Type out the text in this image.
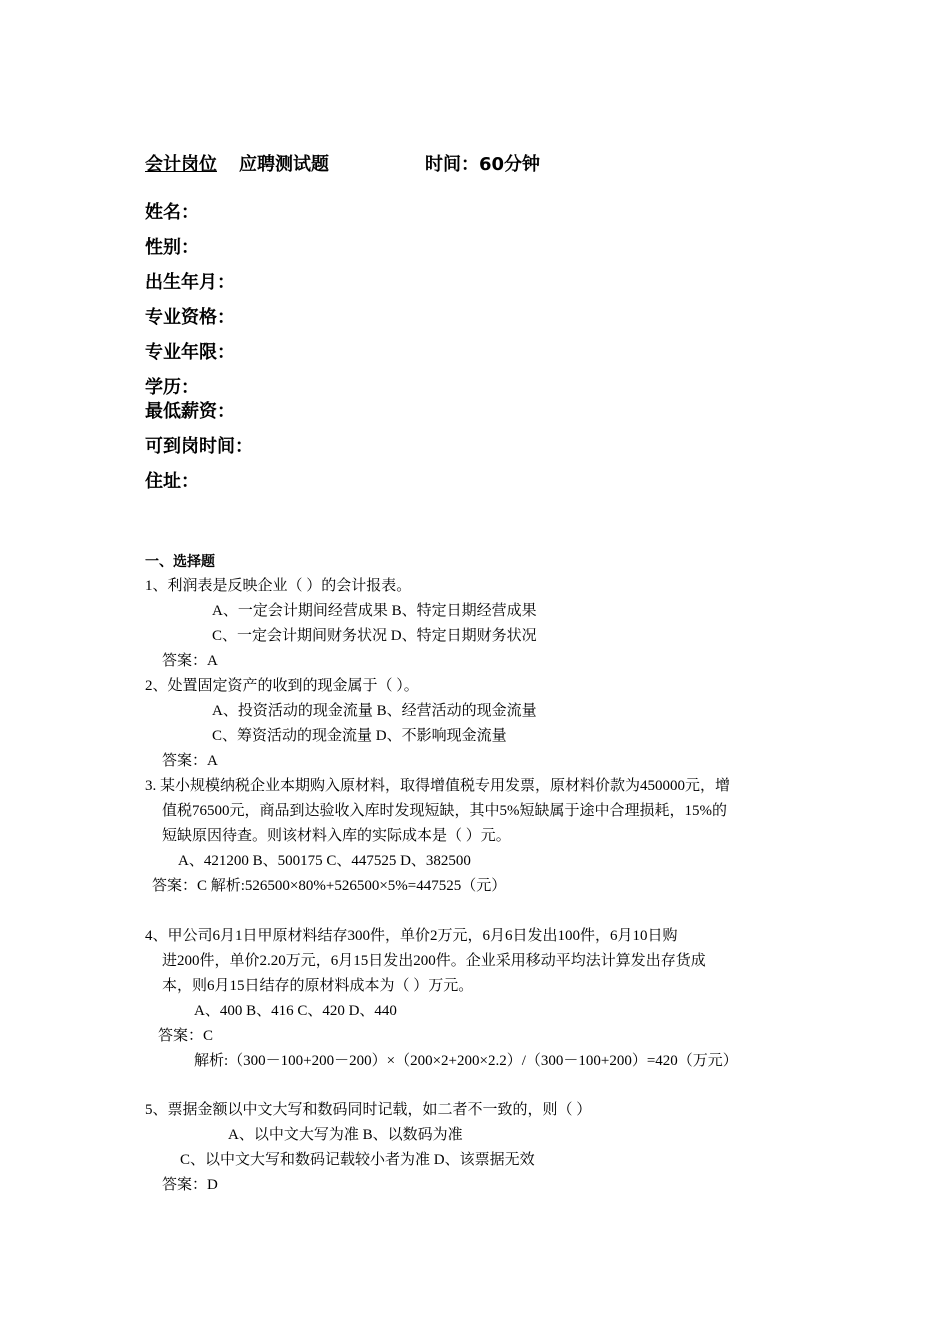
会计岗位 应聘测试题	时间：60分钟
姓名：
性别：
出生年月：
专业资格：
专业年限：
学历：
最低薪资：
可到岗时间：
住址：
一、选择题
1、利润表是反映企业（ ）的会计报表。
A、一定会计期间经营成果 B、特定日期经营成果
C、一定会计期间财务状况 D、特定日期财务状况
答案：A
2、处置固定资产的收到的现金属于（ ）。
A、投资活动的现金流量 B、经营活动的现金流量
C、筹资活动的现金流量 D、不影响现金流量
答案：A
3. 某小规模纳税企业本期购入原材料，取得增值税专用发票，原材料价款为450000元，增
值税76500元，商品到达验收入库时发现短缺，其中5%短缺属于途中合理损耗，15%的
短缺原因待查。则该材料入库的实际成本是（ ）元。
A、421200 B、500175 C、447525 D、382500
答案：C 解析:526500×80%+526500×5%=447525（元）
4、甲公司6月1日甲原材料结存300件，单价2万元，6月6日发出100件，6月10日购
进200件，单价2.20万元，6月15日发出200件。企业采用移动平均法计算发出存货成
本，则6月15日结存的原材料成本为（ ）万元。
A、400 B、416 C、420 D、440
答案：C
解析:（300－100+200－200）×（200×2+200×2.2）/（300－100+200）=420（万元）
5、票据金额以中文大写和数码同时记载，如二者不一致的，则（ ）
A、以中文大写为准 B、以数码为准
C、以中文大写和数码记载较小者为准 D、该票据无效
答案：D
